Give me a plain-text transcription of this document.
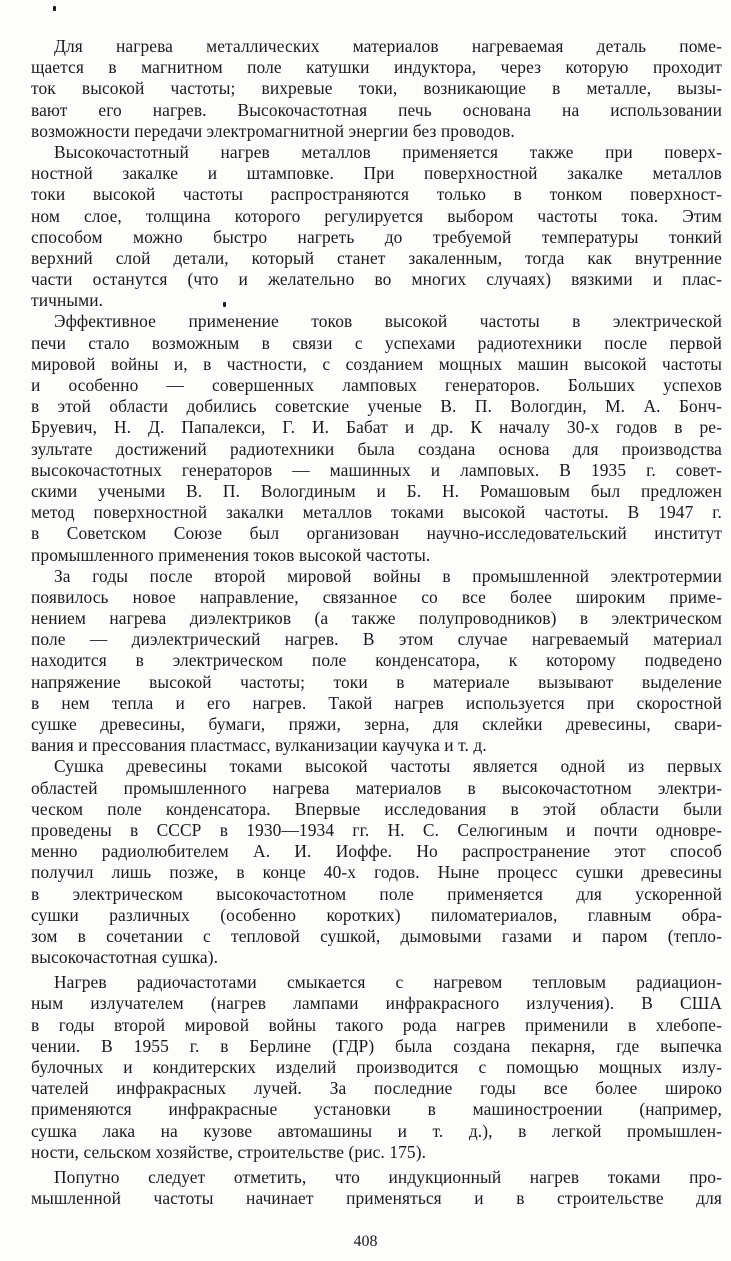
Для нагрева металлических материалов нагреваемая деталь поме-
щается в магнитном поле катушки индуктора, через которую проходит
ток высокой частоты; вихревые токи, возникающие в металле, вызы-
вают его нагрев. Высокочастотная печь основана на использовании
возможности передачи электромагнитной энергии без проводов.
Высокочастотный нагрев металлов применяется также при поверх-
ностной закалке и штамповке. При поверхностной закалке металлов
токи высокой частоты распространяются только в тонком поверхност-
ном слое, толщина которого регулируется выбором частоты тока. Этим
способом можно быстро нагреть до требуемой температуры тонкий
верхний слой детали, который станет закаленным, тогда как внутренние
части останутся (что и желательно во многих случаях) вязкими и плас-
тичными.
Эффективное применение токов высокой частоты в электрической
печи стало возможным в связи с успехами радиотехники после первой
мировой войны и, в частности, с созданием мощных машин высокой частоты
и особенно — совершенных ламповых генераторов. Больших успехов
в этой области добились советские ученые В. П. Вологдин, М. А. Бонч-
Бруевич, Н. Д. Папалекси, Г. И. Бабат и др. К началу 30-х годов в ре-
зультате достижений радиотехники была создана основа для производства
высокочастотных генераторов — машинных и ламповых. В 1935 г. совет-
скими учеными В. П. Вологдиным и Б. Н. Ромашовым был предложен
метод поверхностной закалки металлов токами высокой частоты. В 1947 г.
в Советском Союзе был организован научно-исследовательский институт
промышленного применения токов высокой частоты.
За годы после второй мировой войны в промышленной электротермии
появилось новое направление, связанное со все более широким приме-
нением нагрева диэлектриков (а также полупроводников) в электрическом
поле — диэлектрический нагрев. В этом случае нагреваемый материал
находится в электрическом поле конденсатора, к которому подведено
напряжение высокой частоты; токи в материале вызывают выделение
в нем тепла и его нагрев. Такой нагрев используется при скоростной
сушке древесины, бумаги, пряжи, зерна, для склейки древесины, свари-
вания и прессования пластмасс, вулканизации каучука и т. д.
Сушка древесины токами высокой частоты является одной из первых
областей промышленного нагрева материалов в высокочастотном электри-
ческом поле конденсатора. Впервые исследования в этой области были
проведены в СССР в 1930—1934 гг. Н. С. Селюгиным и почти одновре-
менно радиолюбителем А. И. Иоффе. Но распространение этот способ
получил лишь позже, в конце 40-х годов. Ныне процесс сушки древесины
в электрическом высокочастотном поле применяется для ускоренной
сушки различных (особенно коротких) пиломатериалов, главным обра-
зом в сочетании с тепловой сушкой, дымовыми газами и паром (тепло-
высокочастотная сушка).
Нагрев радиочастотами смыкается с нагревом тепловым радиацион-
ным излучателем (нагрев лампами инфракрасного излучения). В США
в годы второй мировой войны такого рода нагрев применили в хлебопе-
чении. В 1955 г. в Берлине (ГДР) была создана пекарня, где выпечка
булочных и кондитерских изделий производится с помощью мощных излу-
чателей инфракрасных лучей. За последние годы все более широко
применяются инфракрасные установки в машиностроении (например,
сушка лака на кузове автомашины и т. д.), в легкой промышлен-
ности, сельском хозяйстве, строительстве (рис. 175).
Попутно следует отметить, что индукционный нагрев токами про-
мышленной частоты начинает применяться и в строительстве для
408
